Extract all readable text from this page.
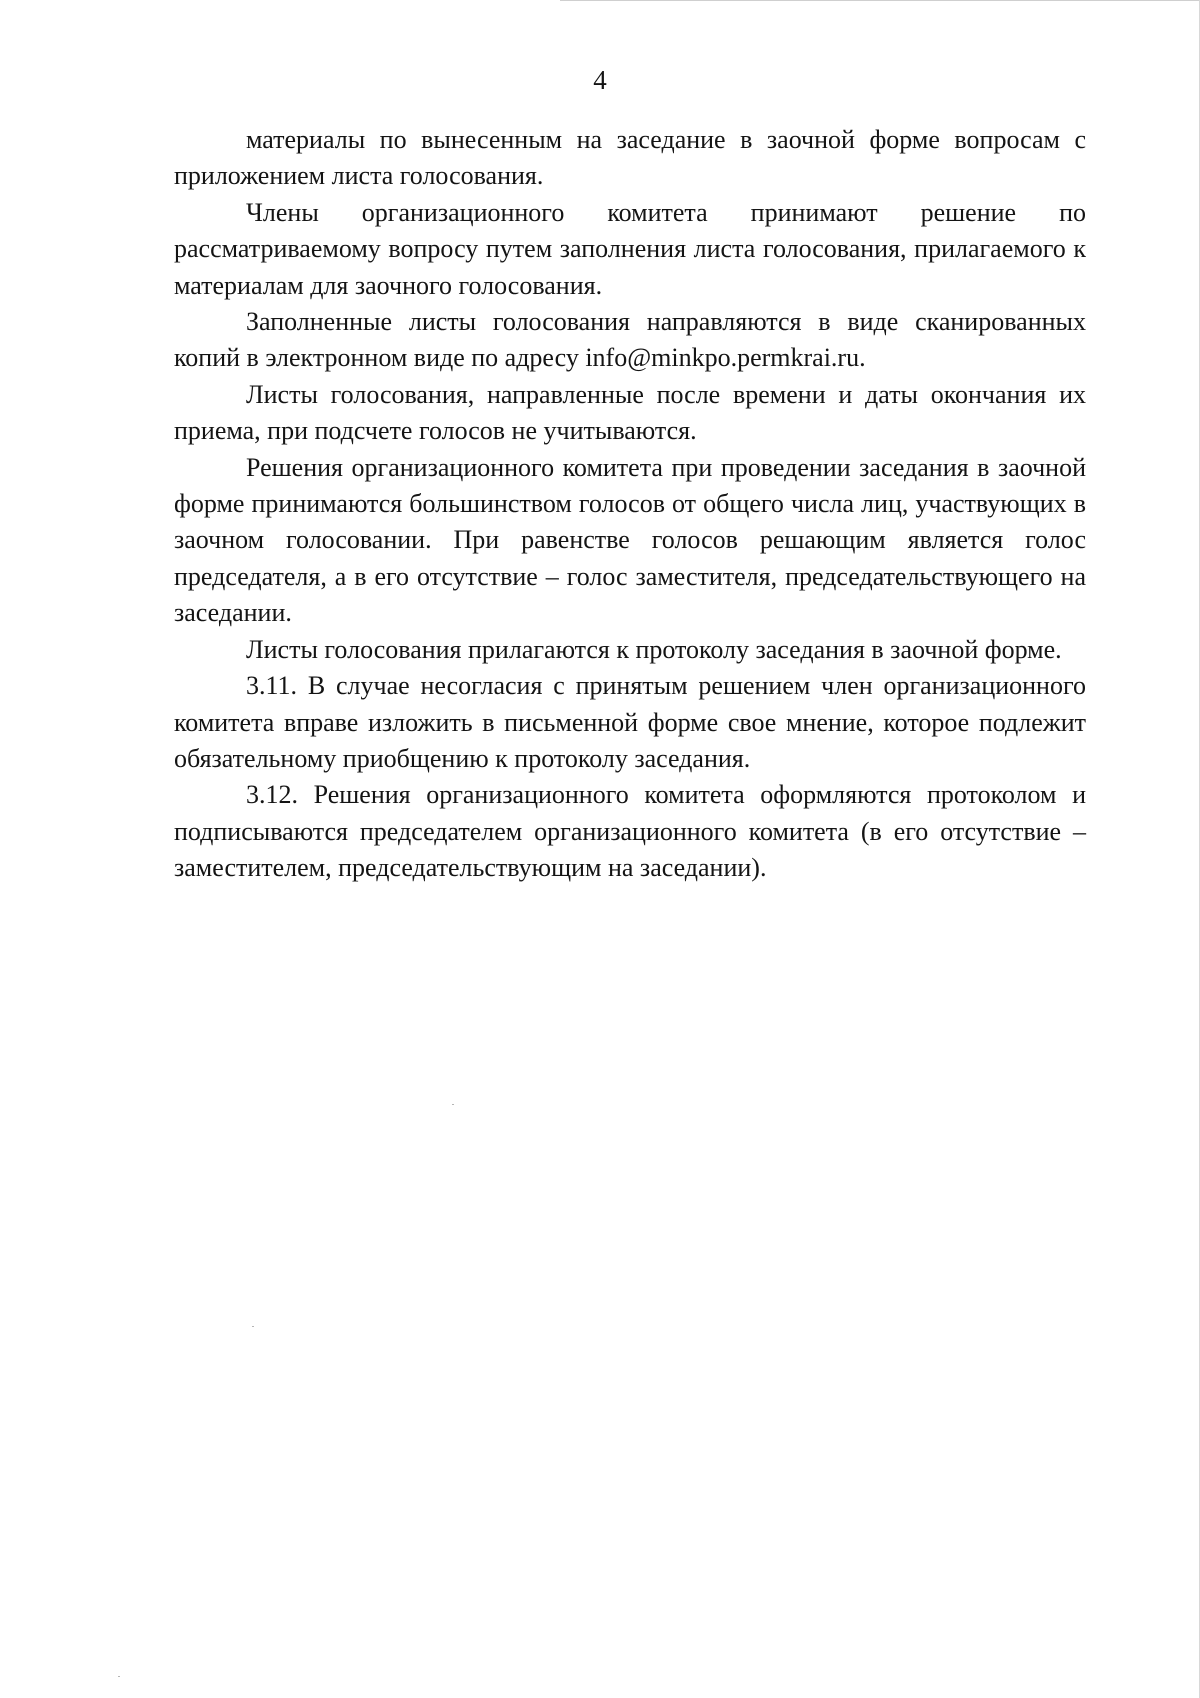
4

материалы по вынесенным на заседание в заочной форме вопросам с приложением листа голосования.

Члены организационного комитета принимают решение по рассматриваемому вопросу путем заполнения листа голосования, прилагаемого к материалам для заочного голосования.

Заполненные листы голосования направляются в виде сканированных копий в электронном виде по адресу info@minkpo.permkrai.ru.

Листы голосования, направленные после времени и даты окончания их приема, при подсчете голосов не учитываются.

Решения организационного комитета при проведении заседания в заочной форме принимаются большинством голосов от общего числа лиц, участвующих в заочном голосовании. При равенстве голосов решающим является голос председателя, а в его отсутствие – голос заместителя, председательствующего на заседании.

Листы голосования прилагаются к протоколу заседания в заочной форме.

3.11. В случае несогласия с принятым решением член организационного комитета вправе изложить в письменной форме свое мнение, которое подлежит обязательному приобщению к протоколу заседания.

3.12. Решения организационного комитета оформляются протоколом и подписываются председателем организационного комитета (в его отсутствие – заместителем, председательствующим на заседании).
